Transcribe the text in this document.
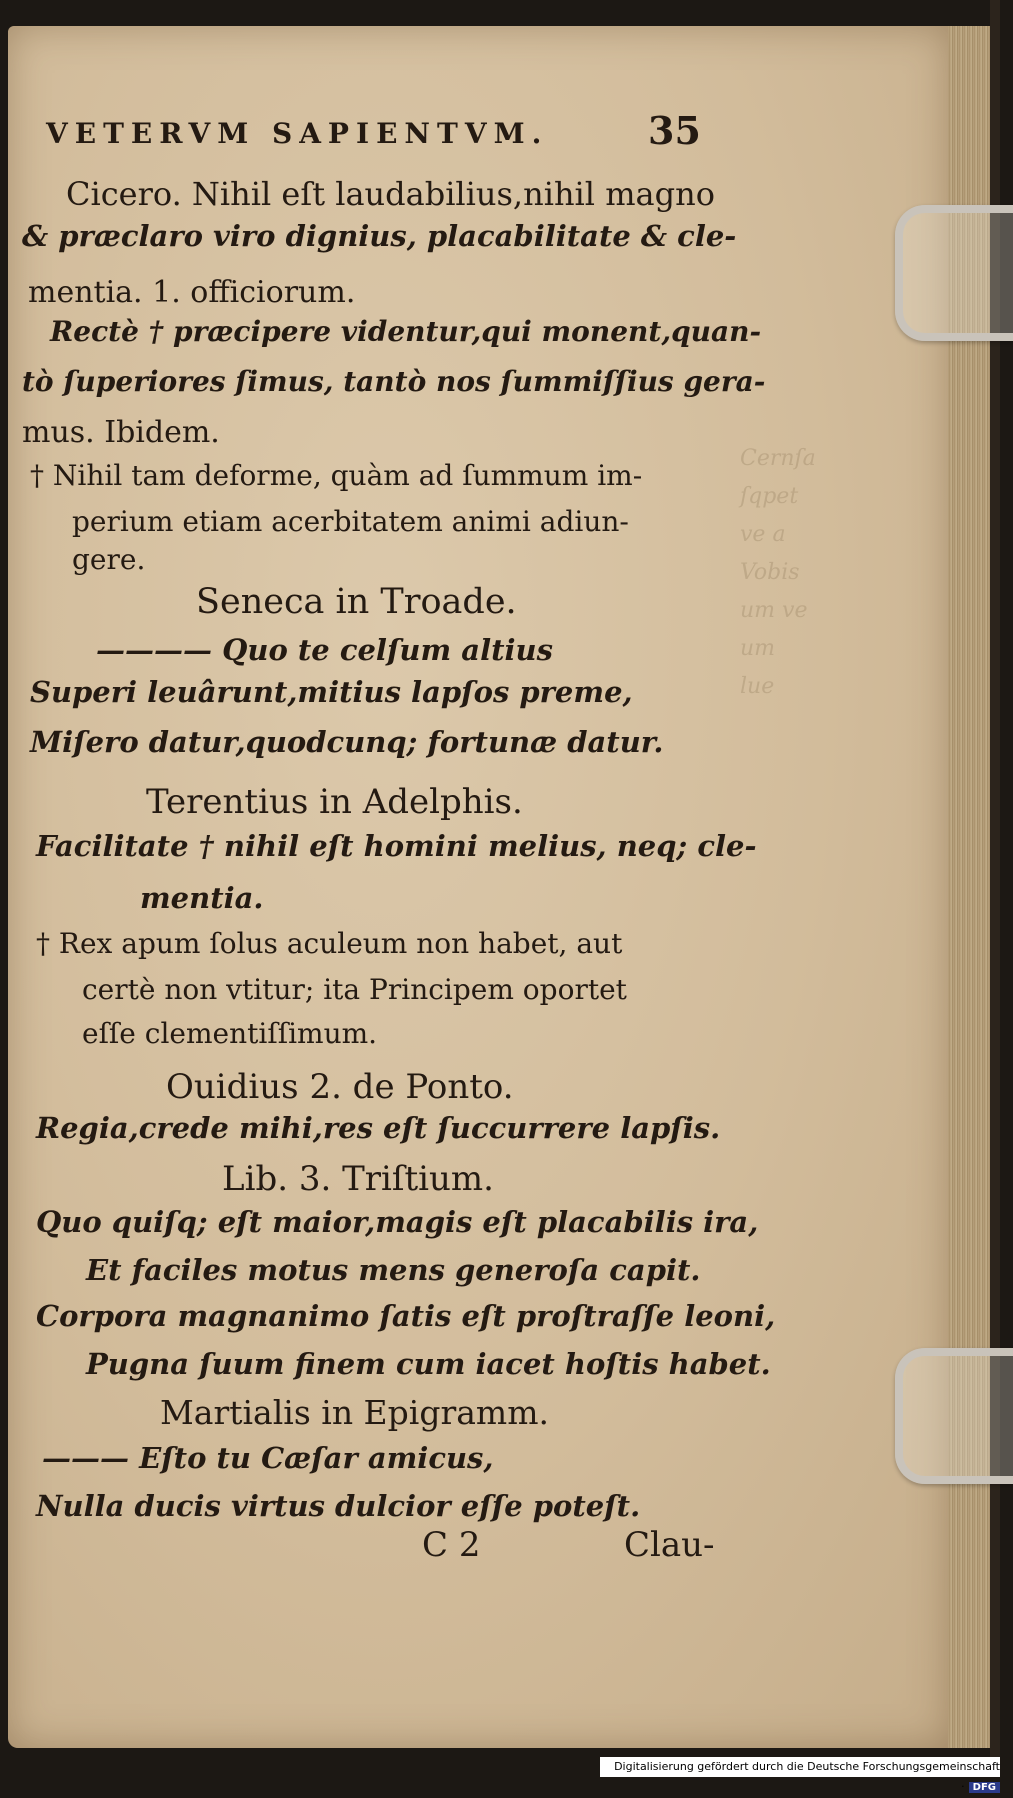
Cernſa
ſqpet
ve a
Vobis
um ve
um
lue
VETERVM SAPIENTVM.	35
Cicero. Nihil eſt laudabilius,nihil magno
& præclaro viro dignius, placabilitate & cle-
mentia. 1. officiorum.
Rectè † præcipere videntur,qui monent,quan-
tò ſuperiores ſimus, tantò nos ſummiſſius gera-
mus. Ibidem.
† Nihil tam deforme, quàm ad ſummum im-
perium etiam acerbitatem animi adiun-
gere.
Seneca in Troade.
———— Quo te celſum altius
Superi leuârunt,mitius lapſos preme,
Miſero datur,quodcunq; fortunæ datur.
Terentius in Adelphis.
Facilitate † nihil eſt homini melius, neq; cle-
mentia.
† Rex apum ſolus aculeum non habet, aut
certè non vtitur; ita Principem oportet
eſſe clementiſſimum.
Ouidius 2. de Ponto.
Regia,crede mihi,res eſt ſuccurrere lapſis.
Lib. 3. Triſtium.
Quo quiſq; eſt maior,magis eſt placabilis ira,
Et faciles motus mens generoſa capit.
Corpora magnanimo ſatis eſt proſtraſſe leoni,
Pugna ſuum finem cum iacet hoſtis habet.
Martialis in Epigramm.
——— Eſto tu Cæſar amicus,
Nulla ducis virtus dulcior eſſe poteſt.
C 2	Clau-
Digitalisierung gefördert durch die Deutsche Forschungsgemeinschaft · DFG
